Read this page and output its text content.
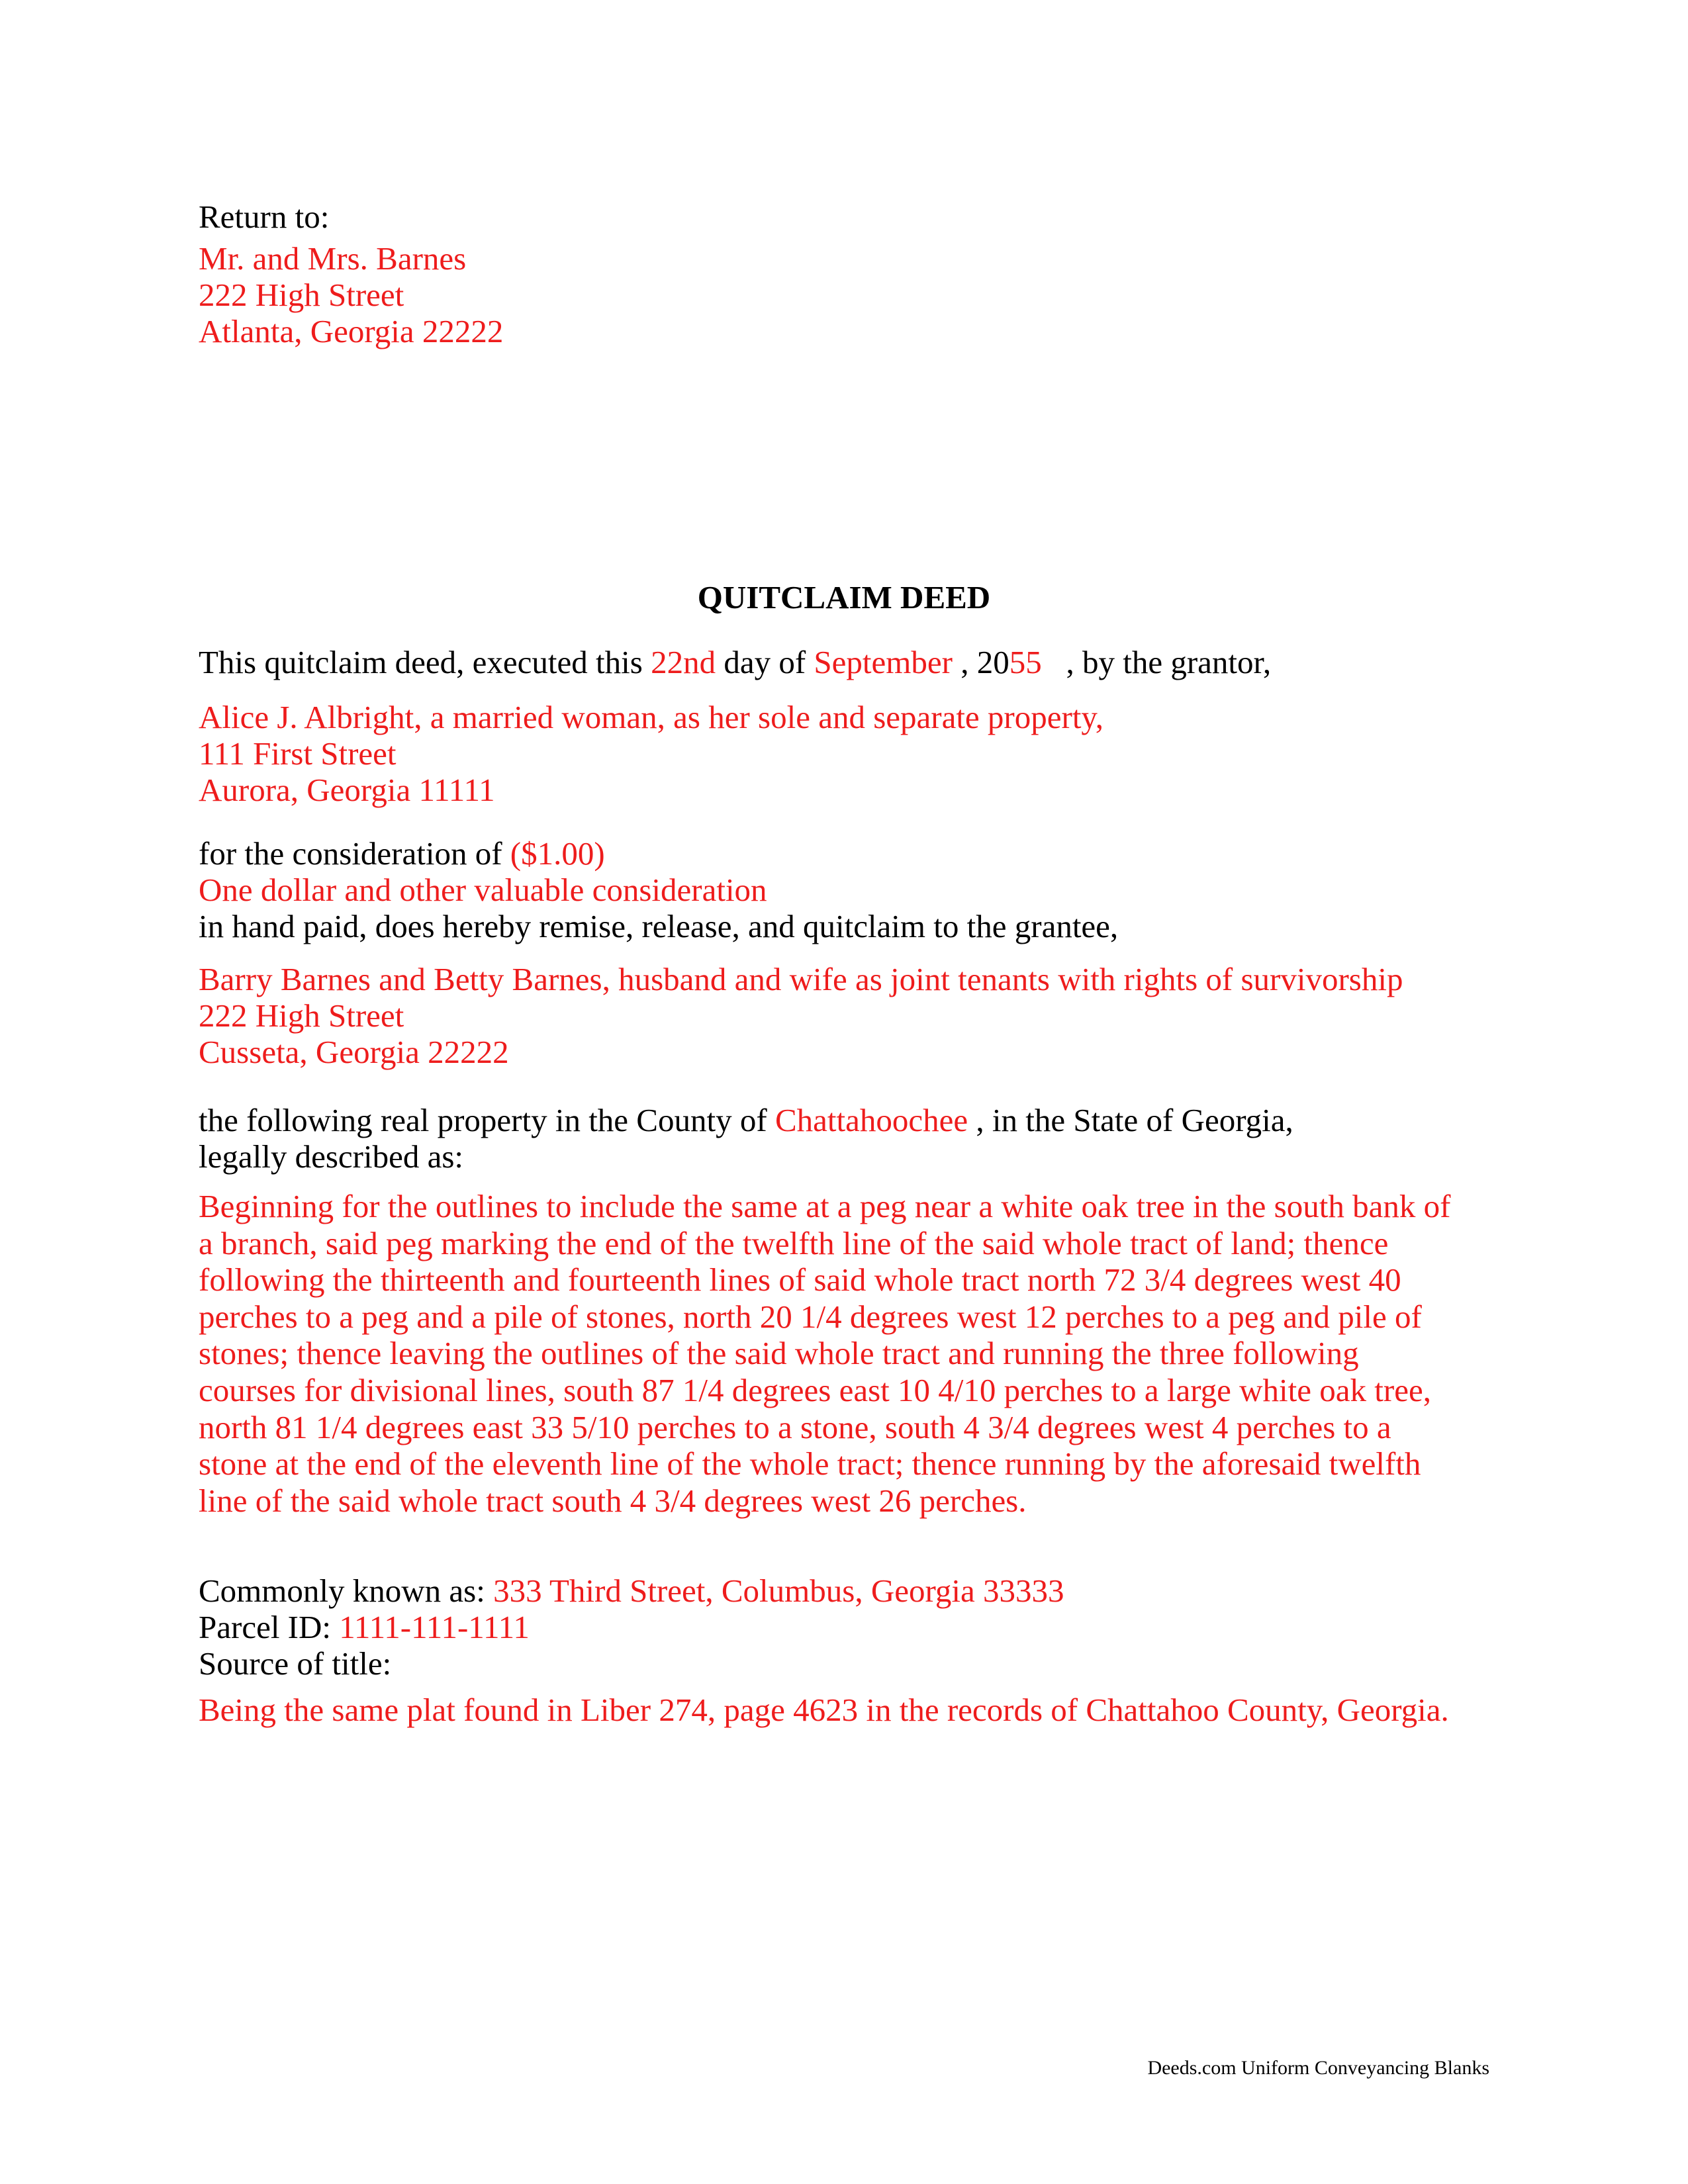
Return to:
Mr. and Mrs. Barnes
222 High Street
Atlanta, Georgia 22222
QUITCLAIM DEED
This quitclaim deed, executed this 22nd day of September , 2055   , by the grantor,
Alice J. Albright, a married woman, as her sole and separate property,
111 First Street
Aurora, Georgia 11111
for the consideration of ($1.00)
One dollar and other valuable consideration
in hand paid, does hereby remise, release, and quitclaim to the grantee,
Barry Barnes and Betty Barnes, husband and wife as joint tenants with rights of survivorship
222 High Street
Cusseta, Georgia 22222
the following real property in the County of Chattahoochee , in the State of Georgia,
legally described as:
Beginning for the outlines to include the same at a peg near a white oak tree in the south bank of
a branch, said peg marking the end of the twelfth line of the said whole tract of land; thence
following the thirteenth and fourteenth lines of said whole tract north 72 3/4 degrees west 40
perches to a peg and a pile of stones, north 20 1/4 degrees west 12 perches to a peg and pile of
stones; thence leaving the outlines of the said whole tract and running the three following
courses for divisional lines, south 87 1/4 degrees east 10 4/10 perches to a large white oak tree,
north 81 1/4 degrees east 33 5/10 perches to a stone, south 4 3/4 degrees west 4 perches to a
stone at the end of the eleventh line of the whole tract; thence running by the aforesaid twelfth
line of the said whole tract south 4 3/4 degrees west 26 perches.
Commonly known as: 333 Third Street, Columbus, Georgia 33333
Parcel ID: 1111-111-1111
Source of title:
Being the same plat found in Liber 274, page 4623 in the records of Chattahoo County, Georgia.
Deeds.com Uniform Conveyancing Blanks
